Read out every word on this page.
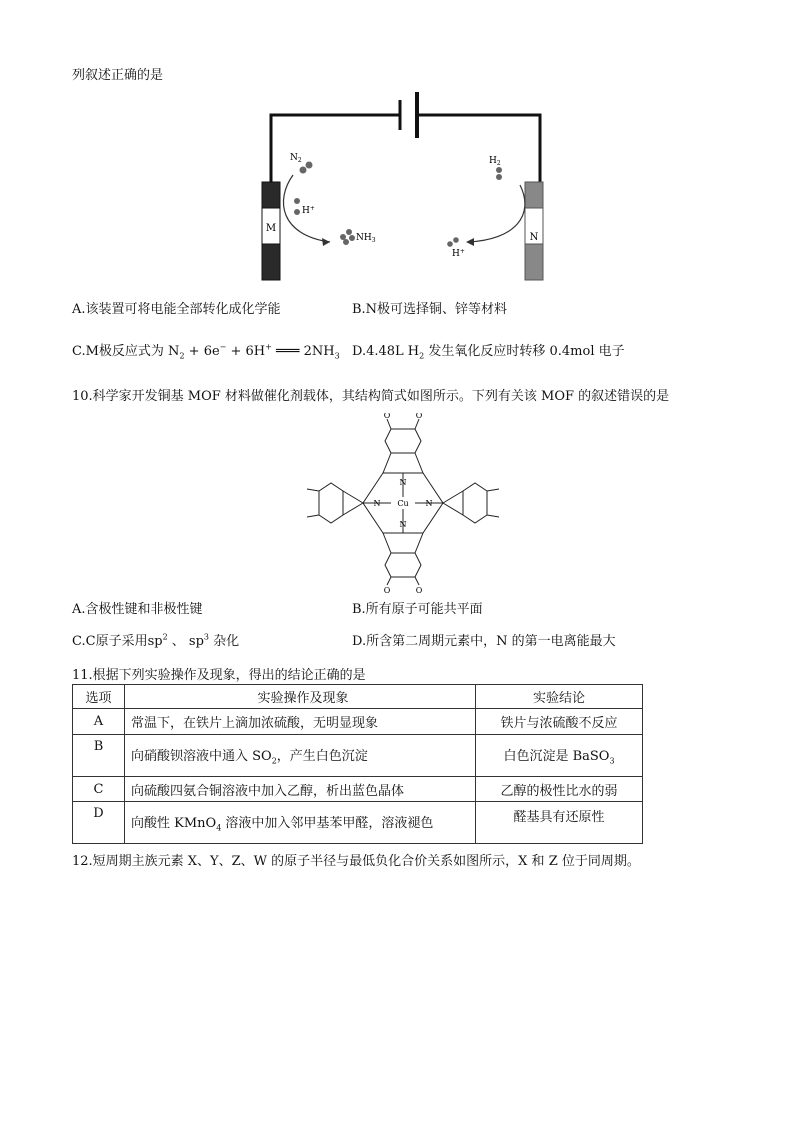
列叙述正确的是
M
N
$N_2$
H+
$NH_3$
$H_2$
H+
A.该装置可将电能全部转化成化学能	B.N极可选择铜、锌等材料
C.M极反应式为 $N_2 + 6e^- + 6H^+$ ═══ $2NH_3$ D.4.48L $H_2$ 发生氧化反应时转移 0.4mol 电子
10.科学家开发铜基 MOF 材料做催化剂载体，其结构简式如图所示。下列有关该 MOF 的叙述错误的是
Cu
N	N
N
N
O	O
O	O
A.含极性键和非极性键	B.所有原子可能共平面
C.C原子采用$sp^2$ 、 $sp^3$ 杂化	D.所含第二周期元素中，N 的第一电离能最大
11.根据下列实验操作及现象，得出的结论正确的是
选项	实验操作及现象	实验结论
A	常温下，在铁片上滴加浓硫酸，无明显现象	铁片与浓硫酸不反应
B	向硝酸钡溶液中通入 $SO_2$，产生白色沉淀	白色沉淀是 BaSO$_3$
C	向硫酸四氨合铜溶液中加入乙醇，析出蓝色晶体	乙醇的极性比水的弱
D	向酸性 KMnO$_4$ 溶液中加入邻甲基苯甲醛，溶液褪色	醛基具有还原性
12.短周期主族元素 X、Y、Z、W 的原子半径与最低负化合价关系如图所示，X 和 Z 位于同周期。
